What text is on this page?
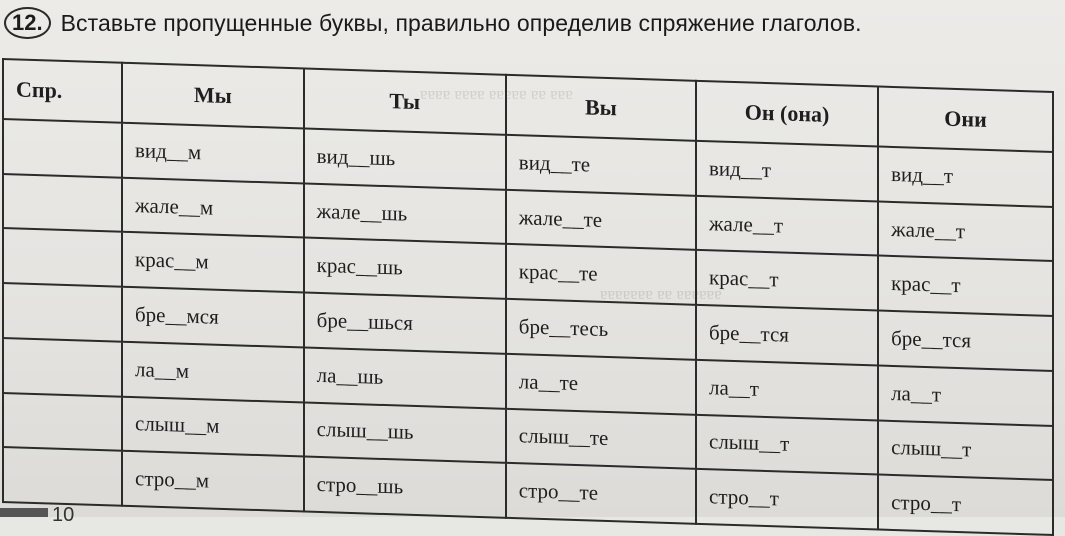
12. Вставьте пропущенные буквы, правильно определив спряжение глаголов.
Спр.	Мы	Ты	Вы	Он (она)	Они
	вид__м	вид__шь	вид__те	вид__т	вид__т
	жале__м	жале__шь	жале__те	жале__т	жале__т
	крас__м	крас__шь	крас__те	крас__т	крас__т
	бре__мся	бре__шься	бре__тесь	бре__тся	бре__тся
	ла__м	ла__шь	ла__те	ла__т	ла__т
	слыш__м	слыш__шь	слыш__те	слыш__т	слыш__т
	стро__м	стро__шь	стро__те	стро__т	стро__т
10
